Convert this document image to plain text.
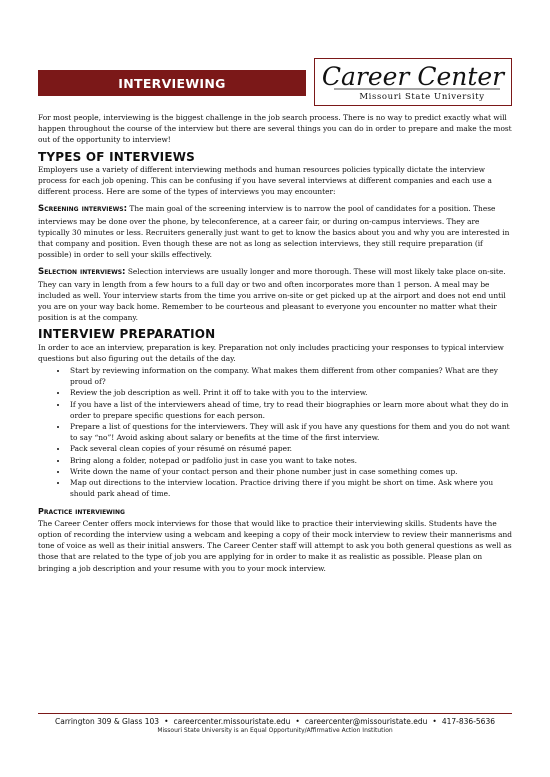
INTERVIEWING	Career Center
Missouri State University

For most people, interviewing is the biggest challenge in the job search process. There is no way to predict exactly what will happen throughout the course of the interview but there are several things you can do in order to prepare and make the most out of the opportunity to interview!

TYPES OF INTERVIEWS

Employers use a variety of different interviewing methods and human resources policies typically dictate the interview process for each job opening. This can be confusing if you have several interviews at different companies and each use a different process. Here are some of the types of interviews you may encounter:

Screening interviews: The main goal of the screening interview is to narrow the pool of candidates for a position. These interviews may be done over the phone, by teleconference, at a career fair, or during on-campus interviews. They are typically 30 minutes or less. Recruiters generally just want to get to know the basics about you and why you are interested in that company and position. Even though these are not as long as selection interviews, they still require preparation (if possible) in order to sell your skills effectively.

Selection interviews: Selection interviews are usually longer and more thorough. These will most likely take place on-site. They can vary in length from a few hours to a full day or two and often incorporates more than 1 person. A meal may be included as well. Your interview starts from the time you arrive on-site or get picked up at the airport and does not end until you are on your way back home. Remember to be courteous and pleasant to everyone you encounter no matter what their position is at the company.

INTERVIEW PREPARATION

In order to ace an interview, preparation is key. Preparation not only includes practicing your responses to typical interview questions but also figuring out the details of the day.

• Start by reviewing information on the company. What makes them different from other companies? What are they proud of?
• Review the job description as well. Print it off to take with you to the interview.
• If you have a list of the interviewers ahead of time, try to read their biographies or learn more about what they do in order to prepare specific questions for each person.
• Prepare a list of questions for the interviewers. They will ask if you have any questions for them and you do not want to say “no”! Avoid asking about salary or benefits at the time of the first interview.
• Pack several clean copies of your résumé on résumé paper.
• Bring along a folder, notepad or padfolio just in case you want to take notes.
• Write down the name of your contact person and their phone number just in case something comes up.
• Map out directions to the interview location. Practice driving there if you might be short on time. Ask where you should park ahead of time.
Practice interviewing

The Career Center offers mock interviews for those that would like to practice their interviewing skills. Students have the option of recording the interview using a webcam and keeping a copy of their mock interview to review their mannerisms and tone of voice as well as their initial answers. The Career Center staff will attempt to ask you both general questions as well as those that are related to the type of job you are applying for in order to make it as realistic as possible. Please plan on bringing a job description and your resume with you to your mock interview.

Carrington 309 & Glass 103 • careercenter.missouristate.edu • careercenter@missouristate.edu • 417-836-5636
Missouri State University is an Equal Opportunity/Affirmative Action Institution
